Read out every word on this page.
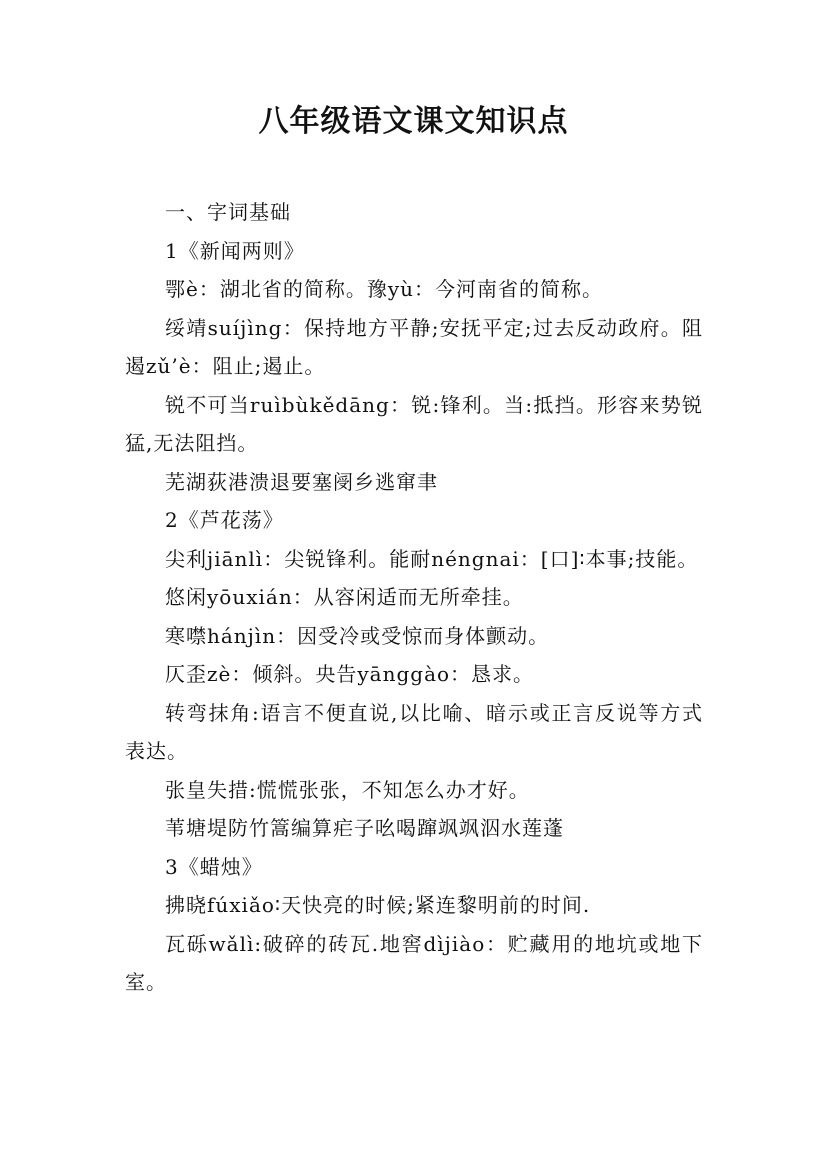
八年级语文课文知识点

一、字词基础

1《新闻两则》

鄂è：湖北省的简称。豫yù：今河南省的简称。

绥靖suíjìng：保持地方平静;安抚平定;过去反动政府。阻遏zǔ’è：阻止;遏止。

锐不可当ruìbùkědāng：锐:锋利。当:抵挡。形容来势锐猛,无法阻挡。

芜湖荻港溃退要塞阌乡逃窜聿

2《芦花荡》

尖利jiānlì：尖锐锋利。能耐néngnai：[口]∶本事;技能。

悠闲yōuxián：从容闲适而无所牵挂。

寒噤hánjìn：因受冷或受惊而身体颤动。

仄歪zè：倾斜。央告yānggào：恳求。

转弯抹角:语言不便直说,以比喻、暗示或正言反说等方式表达。

张皇失措:慌慌张张，不知怎么办才好。

苇塘堤防竹篙编算疟子吆喝蹿飒飒泅水莲蓬

3《蜡烛》

拂晓fúxiǎo∶天快亮的时候;紧连黎明前的时间.

瓦砾wǎlì:破碎的砖瓦.地窖dìjiào：贮藏用的地坑或地下室。
